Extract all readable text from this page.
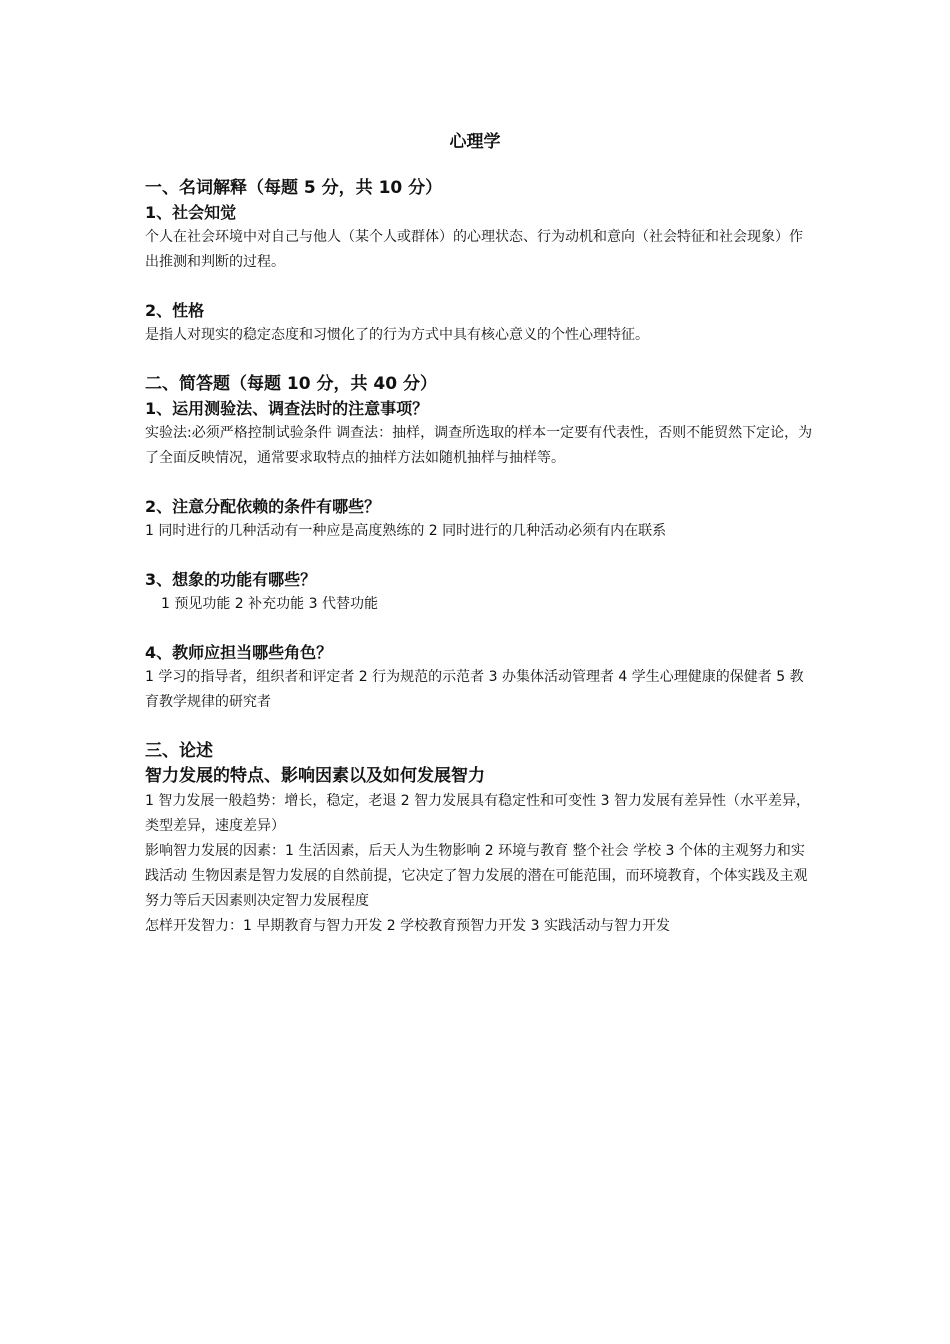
心理学

一、名词解释（每题 5 分，共 10 分）

1、社会知觉

个人在社会环境中对自己与他人（某个人或群体）的心理状态、行为动机和意向（社会特征和社会现象）作出推测和判断的过程。

2、性格

是指人对现实的稳定态度和习惯化了的行为方式中具有核心意义的个性心理特征。

二、简答题（每题 10 分，共 40 分）

1、运用测验法、调查法时的注意事项？

实验法:必须严格控制试验条件 调查法：抽样，调查所选取的样本一定要有代表性，否则不能贸然下定论，为了全面反映情况，通常要求取特点的抽样方法如随机抽样与抽样等。

2、注意分配依赖的条件有哪些？

1 同时进行的几种活动有一种应是高度熟练的 2 同时进行的几种活动必须有内在联系

3、想象的功能有哪些？

1 预见功能 2 补充功能 3 代替功能

4、教师应担当哪些角色？

1 学习的指导者，组织者和评定者 2 行为规范的示范者 3 办集体活动管理者 4 学生心理健康的保健者 5 教育教学规律的研究者

三、论述

智力发展的特点、影响因素以及如何发展智力

1 智力发展一般趋势：增长，稳定，老退 2 智力发展具有稳定性和可变性 3 智力发展有差异性（水平差异，类型差异，速度差异）

影响智力发展的因素：1 生活因素，后天人为生物影响 2 环境与教育 整个社会 学校 3 个体的主观努力和实践活动 生物因素是智力发展的自然前提，它决定了智力发展的潜在可能范围，而环境教育，个体实践及主观努力等后天因素则决定智力发展程度

怎样开发智力：1 早期教育与智力开发 2 学校教育预智力开发 3 实践活动与智力开发
